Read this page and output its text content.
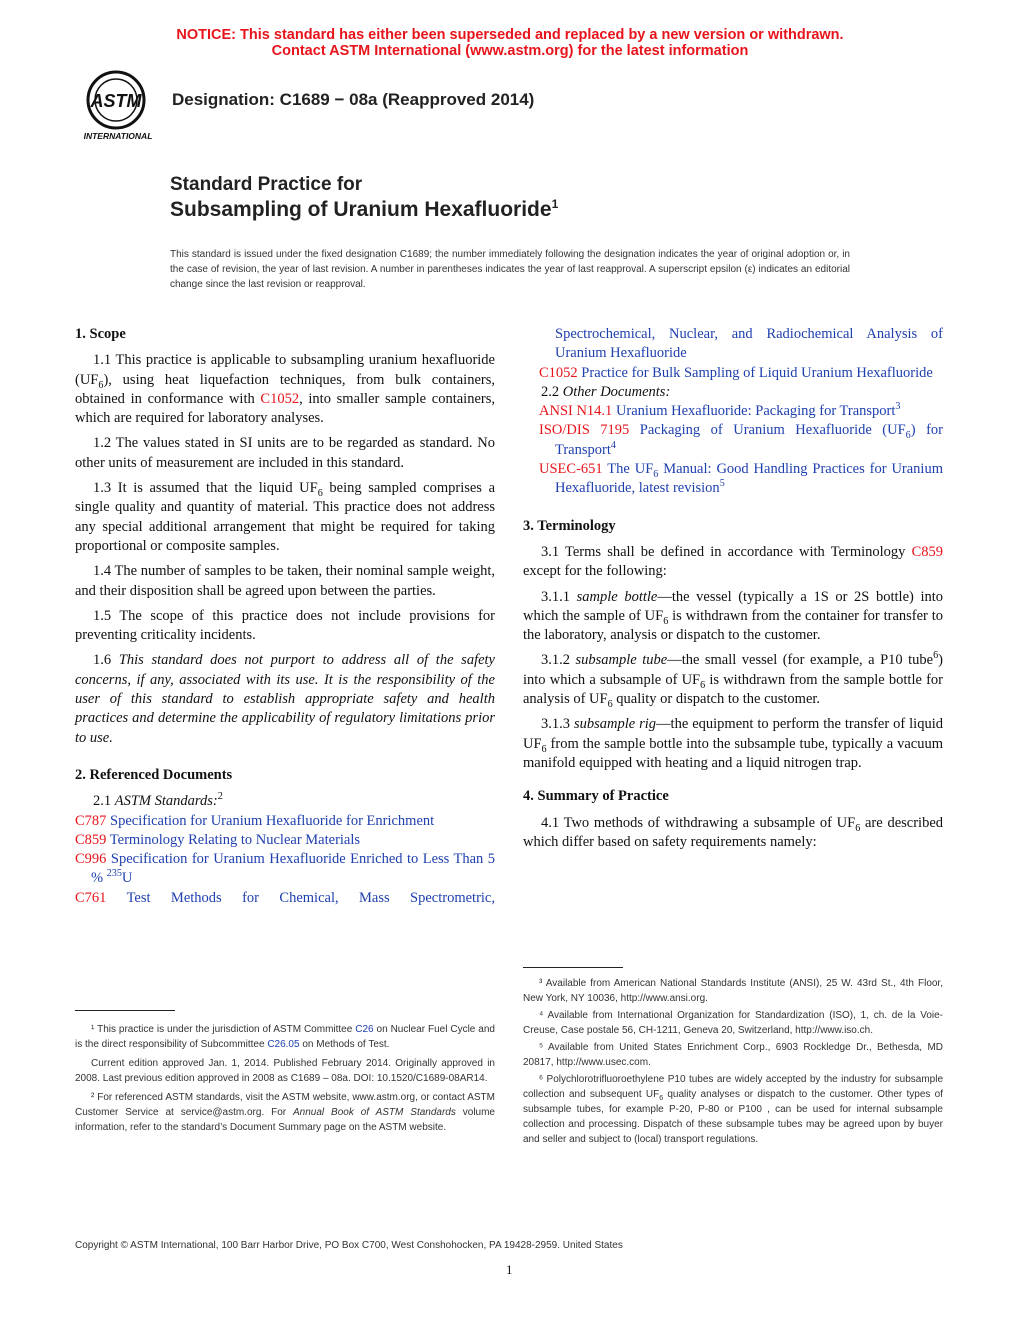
NOTICE: This standard has either been superseded and replaced by a new version or withdrawn.
Contact ASTM International (www.astm.org) for the latest information
ASTM
INTERNATIONAL
Designation: C1689 − 08a (Reapproved 2014)
Standard Practice for
Subsampling of Uranium Hexafluoride$^1$
This standard is issued under the fixed designation C1689; the number immediately following the designation indicates the year of original adoption or, in the case of revision, the year of last revision. A number in parentheses indicates the year of last reapproval. A superscript epsilon (ε) indicates an editorial change since the last revision or reapproval.

1. Scope

1.1 This practice is applicable to subsampling uranium hexafluoride $(UF_6)$, using heat liquefaction techniques, from bulk containers, obtained in conformance with C1052, into smaller sample containers, which are required for laboratory analyses.

1.2 The values stated in SI units are to be regarded as standard. No other units of measurement are included in this standard.

1.3 It is assumed that the liquid $UF_6$ being sampled comprises a single quality and quantity of material. This practice does not address any special additional arrangement that might be required for taking proportional or composite samples.

1.4 The number of samples to be taken, their nominal sample weight, and their disposition shall be agreed upon between the parties.

1.5 The scope of this practice does not include provisions for preventing criticality incidents.

1.6 This standard does not purport to address all of the safety concerns, if any, associated with its use. It is the responsibility of the user of this standard to establish appropriate safety and health practices and determine the applicability of regulatory limitations prior to use.

2. Referenced Documents

2.1 ASTM Standards:$^2$

C787 Specification for Uranium Hexafluoride for Enrichment

C859 Terminology Relating to Nuclear Materials

C996 Specification for Uranium Hexafluoride Enriched to Less Than 5 % $^{235}$U

C761 Test Methods for Chemical, Mass Spectrometric,

¹ This practice is under the jurisdiction of ASTM Committee C26 on Nuclear Fuel Cycle and is the direct responsibility of Subcommittee C26.05 on Methods of Test.

Current edition approved Jan. 1, 2014. Published February 2014. Originally approved in 2008. Last previous edition approved in 2008 as C1689 – 08a. DOI: 10.1520/C1689-08AR14.

² For referenced ASTM standards, visit the ASTM website, www.astm.org, or contact ASTM Customer Service at service@astm.org. For Annual Book of ASTM Standards volume information, refer to the standard’s Document Summary page on the ASTM website.

Spectrochemical, Nuclear, and Radiochemical Analysis of Uranium Hexafluoride

C1052 Practice for Bulk Sampling of Liquid Uranium Hexafluoride

2.2 Other Documents:

ANSI N14.1 Uranium Hexafluoride: Packaging for Transport$^3$

ISO/DIS 7195 Packaging of Uranium Hexafluoride $(UF_6)$ for Transport$^4$

USEC-651 The $UF_6$ Manual: Good Handling Practices for Uranium Hexafluoride, latest revision$^5$

3. Terminology

3.1 Terms shall be defined in accordance with Terminology C859 except for the following:

3.1.1 sample bottle—the vessel (typically a 1S or 2S bottle) into which the sample of $UF_6$ is withdrawn from the container for transfer to the laboratory, analysis or dispatch to the customer.

3.1.2 subsample tube—the small vessel (for example, a P10 tube$^6$) into which a subsample of $UF_6$ is withdrawn from the sample bottle for analysis of $UF_6$ quality or dispatch to the customer.

3.1.3 subsample rig—the equipment to perform the transfer of liquid $UF_6$ from the sample bottle into the subsample tube, typically a vacuum manifold equipped with heating and a liquid nitrogen trap.

4. Summary of Practice

4.1 Two methods of withdrawing a subsample of $UF_6$ are described which differ based on safety requirements namely:

³ Available from American National Standards Institute (ANSI), 25 W. 43rd St., 4th Floor, New York, NY 10036, http://www.ansi.org.

⁴ Available from International Organization for Standardization (ISO), 1, ch. de la Voie-Creuse, Case postale 56, CH-1211, Geneva 20, Switzerland, http://www.iso.ch.

⁵ Available from United States Enrichment Corp., 6903 Rockledge Dr., Bethesda, MD 20817, http://www.usec.com.

⁶ Polychlorotrifluoroethylene P10 tubes are widely accepted by the industry for subsample collection and subsequent $UF_6$ quality analyses or dispatch to the customer. Other types of subsample tubes, for example P-20, P-80 or P100 , can be used for internal subsample collection and processing. Dispatch of these subsample tubes may be agreed upon by buyer and seller and subject to (local) transport regulations.

Copyright © ASTM International, 100 Barr Harbor Drive, PO Box C700, West Conshohocken, PA 19428-2959. United States
1
